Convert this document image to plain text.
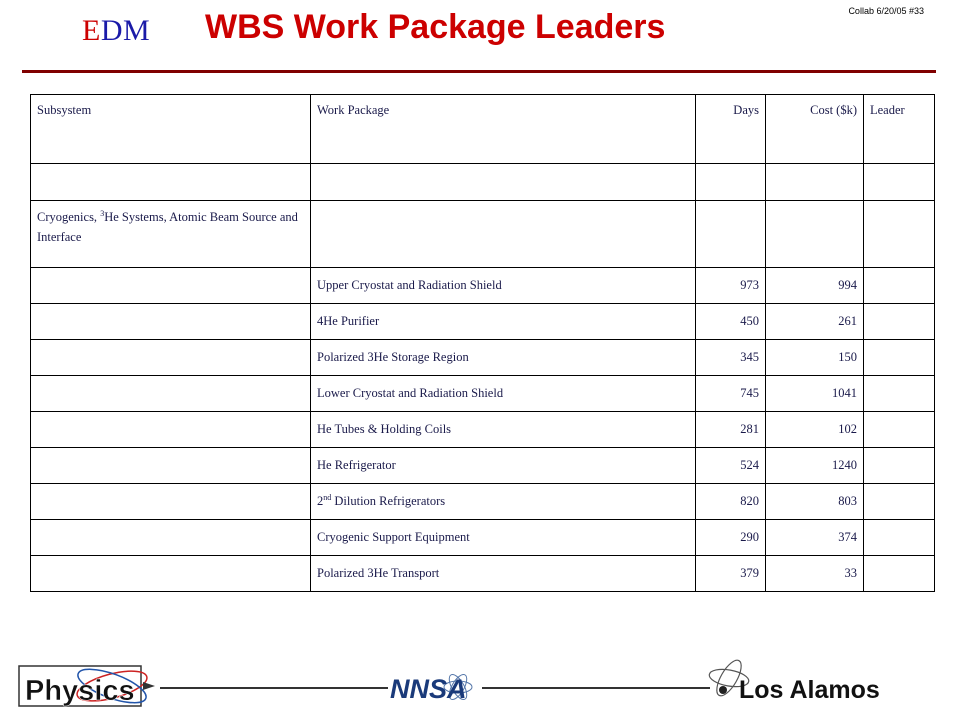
EDM WBS Work Package Leaders	Collab 6/20/05 #33
Subsystem	Work Package	Days	Cost ($k)	Leader

Cryogenics, $^3$He Systems, Atomic Beam Source and Interface				
	Upper Cryostat and Radiation Shield	973	994	
	4He Purifier	450	261	
	Polarized 3He Storage Region	345	150	
	Lower Cryostat and Radiation Shield	745	1041	
	He Tubes & Holding Coils	281	102	
	He Refrigerator	524	1240	
	2nd Dilution Refrigerators	820	803	
	Cryogenic Support Equipment	290	374	
	Polarized 3He Transport	379	33	
Physics	NNSA	Los Alamos
